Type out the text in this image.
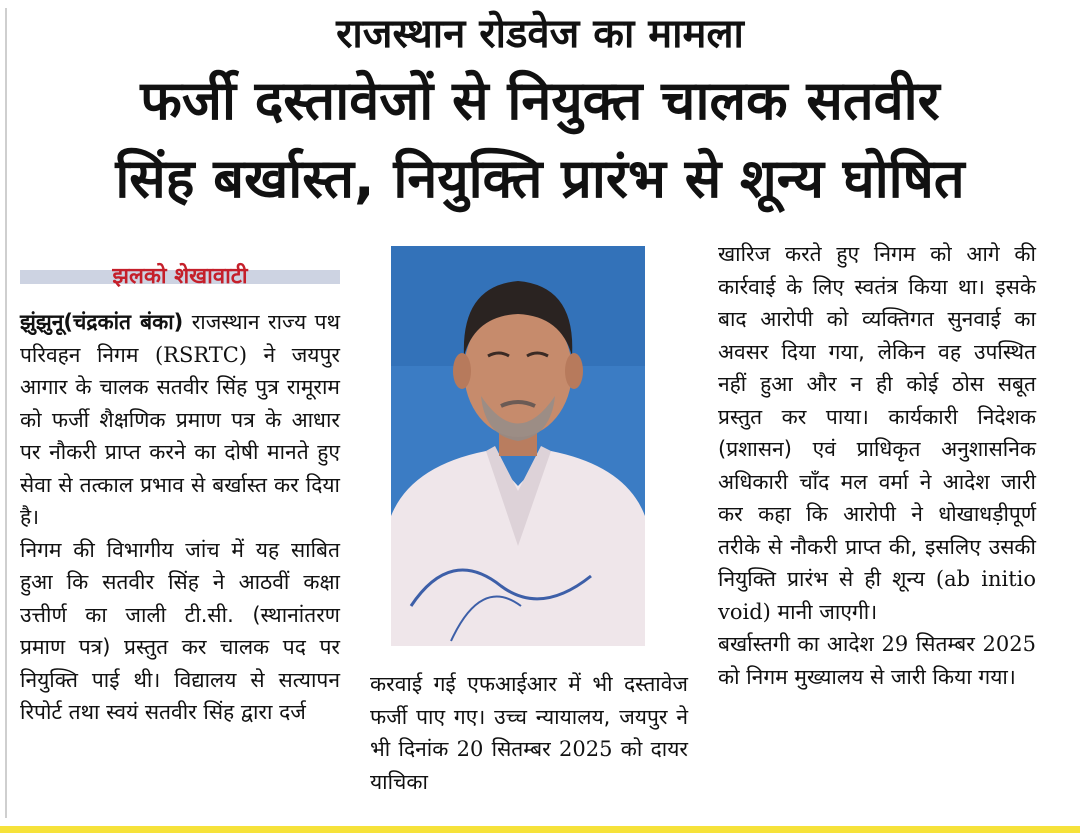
राजस्थान रोडवेज का मामला
फर्जी दस्तावेजों से नियुक्त चालक सतवीर
सिंह बर्खास्त, नियुक्ति प्रारंभ से शून्य घोषित
झलको शेखावाटी

झुंझुनू(चंद्रकांत बंका) राजस्थान राज्य पथ परिवहन निगम (RSRTC) ने जयपुर आगार के चालक सतवीर सिंह पुत्र रामूराम को फर्जी शैक्षणिक प्रमाण पत्र के आधार पर नौकरी प्राप्त करने का दोषी मानते हुए सेवा से तत्काल प्रभाव से बर्खास्त कर दिया है।

निगम की विभागीय जांच में यह साबित हुआ कि सतवीर सिंह ने आठवीं कक्षा उत्तीर्ण का जाली टी.सी. (स्थानांतरण प्रमाण पत्र) प्रस्तुत कर चालक पद पर नियुक्ति पाई थी। विद्यालय से सत्यापन रिपोर्ट तथा स्वयं सतवीर सिंह द्वारा दर्ज

करवाई गई एफआईआर में भी दस्तावेज फर्जी पाए गए। उच्च न्यायालय, जयपुर ने भी दिनांक 20 सितम्बर 2025 को दायर याचिका

खारिज करते हुए निगम को आगे की कार्रवाई के लिए स्वतंत्र किया था। इसके बाद आरोपी को व्यक्तिगत सुनवाई का अवसर दिया गया, लेकिन वह उपस्थित नहीं हुआ और न ही कोई ठोस सबूत प्रस्तुत कर पाया। कार्यकारी निदेशक (प्रशासन) एवं प्राधिकृत अनुशासनिक अधिकारी चाँद मल वर्मा ने आदेश जारी कर कहा कि आरोपी ने धोखाधड़ीपूर्ण तरीके से नौकरी प्राप्त की, इसलिए उसकी नियुक्ति प्रारंभ से ही शून्य (ab initio void) मानी जाएगी।

बर्खास्तगी का आदेश 29 सितम्बर 2025 को निगम मुख्यालय से जारी किया गया।
